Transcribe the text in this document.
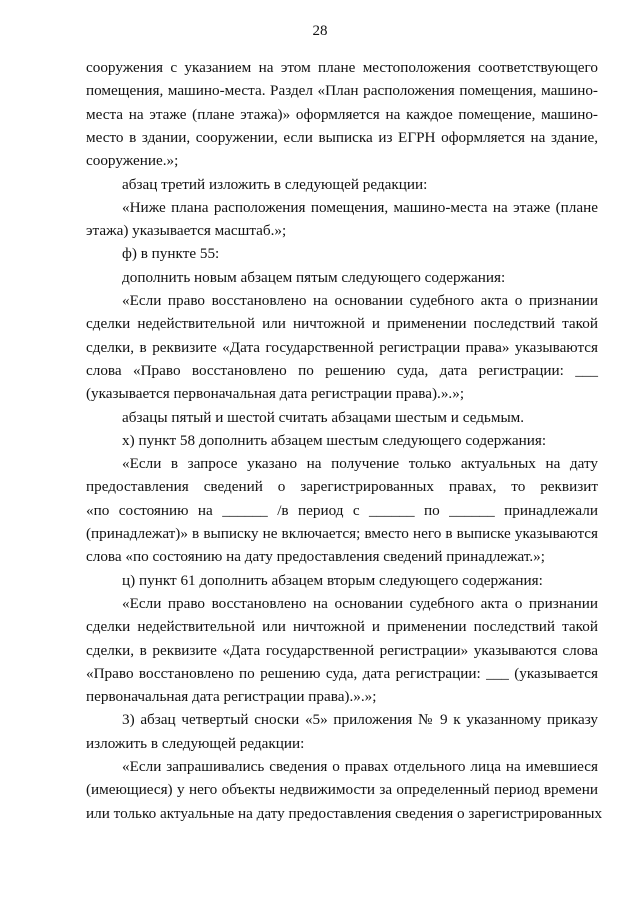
28
сооружения с указанием на этом плане местоположения соответствующего
помещения, машино-места. Раздел «План расположения помещения, машино-
места на этаже (плане этажа)» оформляется на каждое помещение, машино-
место в здании, сооружении, если выписка из ЕГРН оформляется на здание,
сооружение.»;
абзац третий изложить в следующей редакции:
«Ниже плана расположения помещения, машино-места на этаже (плане
этажа) указывается масштаб.»;
ф) в пункте 55:
дополнить новым абзацем пятым следующего содержания:
«Если право восстановлено на основании судебного акта о признании
сделки недействительной или ничтожной и применении последствий такой
сделки, в реквизите «Дата государственной регистрации права» указываются
слова «Право восстановлено по решению суда, дата регистрации: ___
(указывается первоначальная дата регистрации права).».»;
абзацы пятый и шестой считать абзацами шестым и седьмым.
х) пункт 58 дополнить абзацем шестым следующего содержания:
«Если в запросе указано на получение только актуальных на дату
предоставления сведений о зарегистрированных правах, то реквизит
«по состоянию на ______ /в период с ______ по ______ принадлежали
(принадлежат)» в выписку не включается; вместо него в выписке указываются
слова «по состоянию на дату предоставления сведений принадлежат.»;
ц) пункт 61 дополнить абзацем вторым следующего содержания:
«Если право восстановлено на основании судебного акта о признании
сделки недействительной или ничтожной и применении последствий такой
сделки, в реквизите «Дата государственной регистрации» указываются слова
«Право восстановлено по решению суда, дата регистрации: ___ (указывается
первоначальная дата регистрации права).».»;
3) абзац четвертый сноски «5» приложения № 9 к указанному приказу
изложить в следующей редакции:
«Если запрашивались сведения о правах отдельного лица на имевшиеся
(имеющиеся) у него объекты недвижимости за определенный период времени
или только актуальные на дату предоставления сведения о зарегистрированных
